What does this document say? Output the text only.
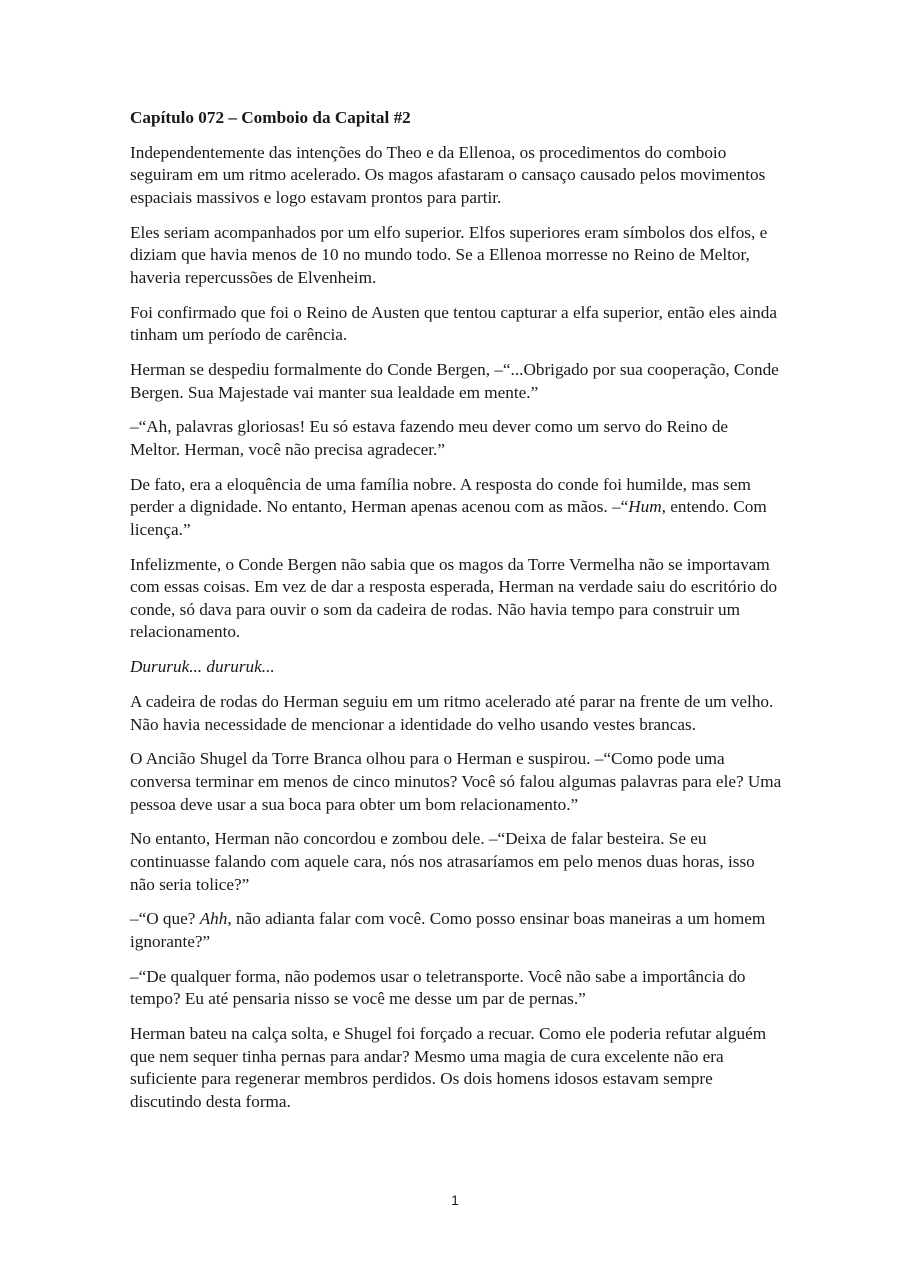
Capítulo 072 – Comboio da Capital #2

Independentemente das intenções do Theo e da Ellenoa, os procedimentos do comboio seguiram em um ritmo acelerado. Os magos afastaram o cansaço causado pelos movimentos espaciais massivos e logo estavam prontos para partir.

Eles seriam acompanhados por um elfo superior. Elfos superiores eram símbolos dos elfos, e diziam que havia menos de 10 no mundo todo. Se a Ellenoa morresse no Reino de Meltor, haveria repercussões de Elvenheim.

Foi confirmado que foi o Reino de Austen que tentou capturar a elfa superior, então eles ainda tinham um período de carência.

Herman se despediu formalmente do Conde Bergen, –“...Obrigado por sua cooperação, Conde Bergen. Sua Majestade vai manter sua lealdade em mente.”

–“Ah, palavras gloriosas! Eu só estava fazendo meu dever como um servo do Reino de Meltor. Herman, você não precisa agradecer.”

De fato, era a eloquência de uma família nobre. A resposta do conde foi humilde, mas sem perder a dignidade. No entanto, Herman apenas acenou com as mãos. –“Hum, entendo. Com licença.”

Infelizmente, o Conde Bergen não sabia que os magos da Torre Vermelha não se importavam com essas coisas. Em vez de dar a resposta esperada, Herman na verdade saiu do escritório do conde, só dava para ouvir o som da cadeira de rodas. Não havia tempo para construir um relacionamento.

Dururuk... dururuk...

A cadeira de rodas do Herman seguiu em um ritmo acelerado até parar na frente de um velho. Não havia necessidade de mencionar a identidade do velho usando vestes brancas.

O Ancião Shugel da Torre Branca olhou para o Herman e suspirou. –“Como pode uma conversa terminar em menos de cinco minutos? Você só falou algumas palavras para ele? Uma pessoa deve usar a sua boca para obter um bom relacionamento.”

No entanto, Herman não concordou e zombou dele. –“Deixa de falar besteira. Se eu continuasse falando com aquele cara, nós nos atrasaríamos em pelo menos duas horas, isso não seria tolice?”

–“O que? Ahh, não adianta falar com você. Como posso ensinar boas maneiras a um homem ignorante?”

–“De qualquer forma, não podemos usar o teletransporte. Você não sabe a importância do tempo? Eu até pensaria nisso se você me desse um par de pernas.”

Herman bateu na calça solta, e Shugel foi forçado a recuar. Como ele poderia refutar alguém que nem sequer tinha pernas para andar? Mesmo uma magia de cura excelente não era suficiente para regenerar membros perdidos. Os dois homens idosos estavam sempre discutindo desta forma.

1
